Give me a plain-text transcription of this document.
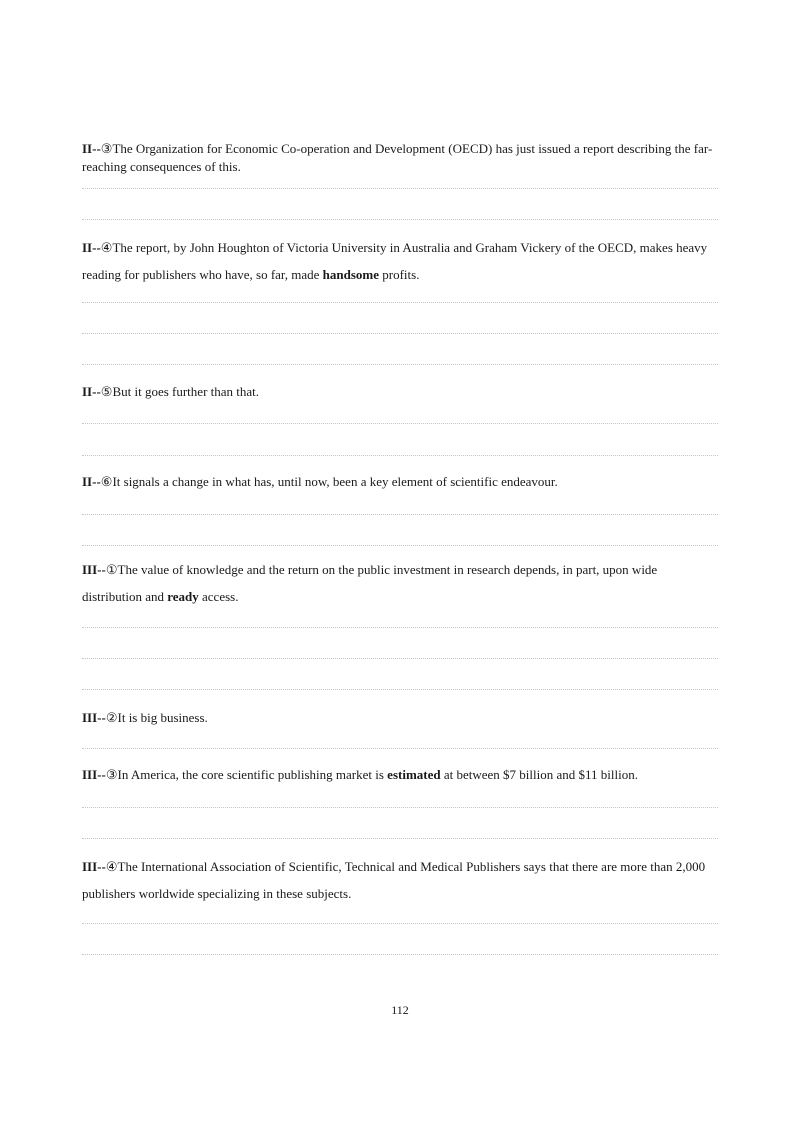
II--③The Organization for Economic Co-operation and Development (OECD) has just issued a report describing the far-reaching consequences of this.

II--④The report, by John Houghton of Victoria University in Australia and Graham Vickery of the OECD, makes heavy reading for publishers who have, so far, made handsome profits.

II--⑤But it goes further than that.

II--⑥It signals a change in what has, until now, been a key element of scientific endeavour.

III--①The value of knowledge and the return on the public investment in research depends, in part, upon wide distribution and ready access.

III--②It is big business.

III--③In America, the core scientific publishing market is estimated at between $7 billion and $11 billion.

III--④The International Association of Scientific, Technical and Medical Publishers says that there are more than 2,000 publishers worldwide specializing in these subjects.

112
